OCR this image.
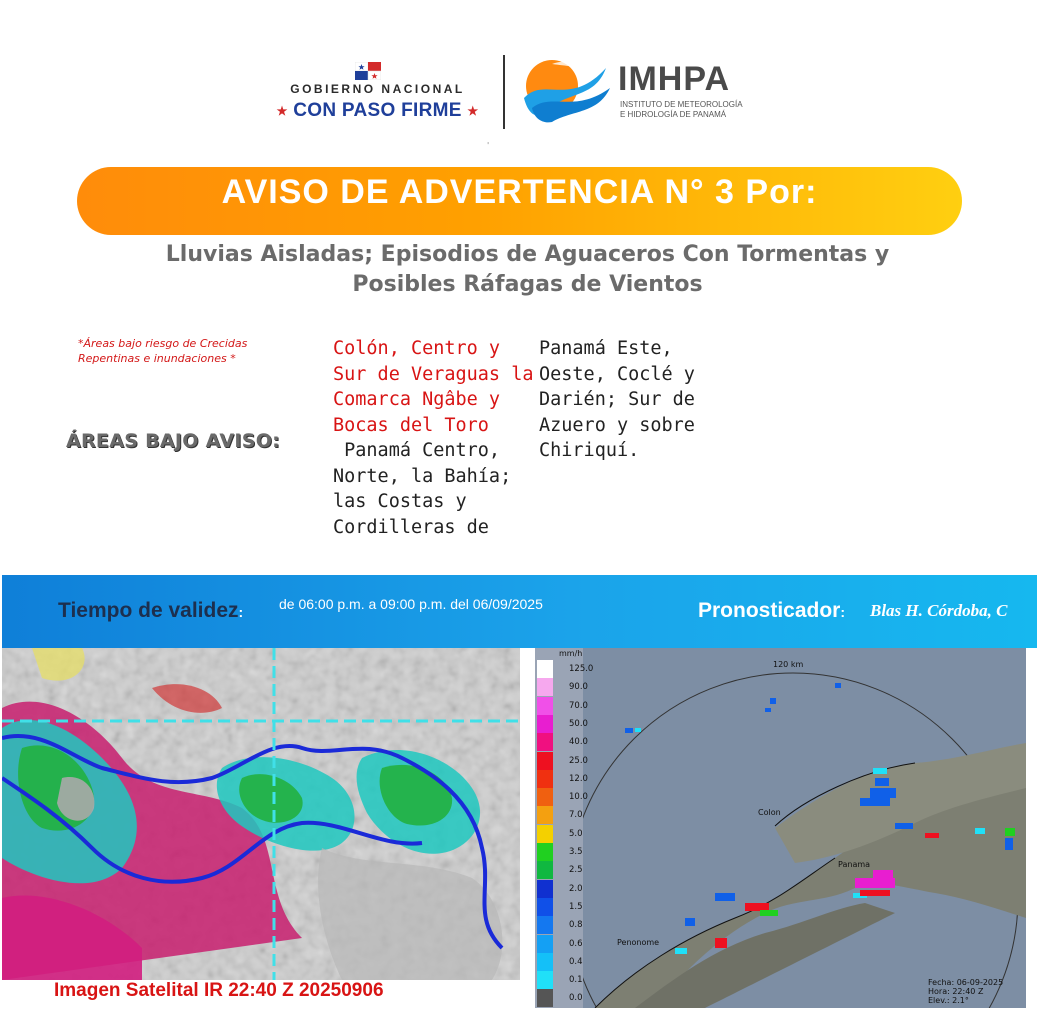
GOBIERNO NACIONAL
★ CON PASO FIRME ★
IMHPA
INSTITUTO DE METEOROLOGÍA
E HIDROLOGÍA DE PANAMÁ
'
AVISO DE ADVERTENCIA N° 3 Por:
Lluvias Aisladas; Episodios de Aguaceros Con Tormentas y
Posibles Ráfagas de Vientos
*Áreas bajo riesgo de Crecidas
Repentinas e inundaciones *
ÁREAS BAJO AVISO:
Colón, Centro y
Sur de Veraguas la
Comarca Ngâbe y
Bocas del Toro
Panamá Centro,
Norte, la Bahía;
las Costas y
Cordilleras de
Panamá Este,
Oeste, Coclé y
Darién; Sur de
Azuero y sobre
Chiriquí.
Tiempo de validez:	de 06:00 p.m. a 09:00 p.m. del 06/09/2025	Pronosticador: Blas H. Córdoba, C
Imagen Satelital IR 22:40 Z 20250906
120 km
Colon
Panama
Penonome
mm/h
125.0
90.0
70.0
50.0
40.0
25.0
12.0
10.0
7.0
5.0
3.5
2.5
2.0
1.5
0.8
0.6
0.4
0.1
0.0
Fecha: 06-09-2025
Hora: 22:40 Z
Elev.: 2.1°
